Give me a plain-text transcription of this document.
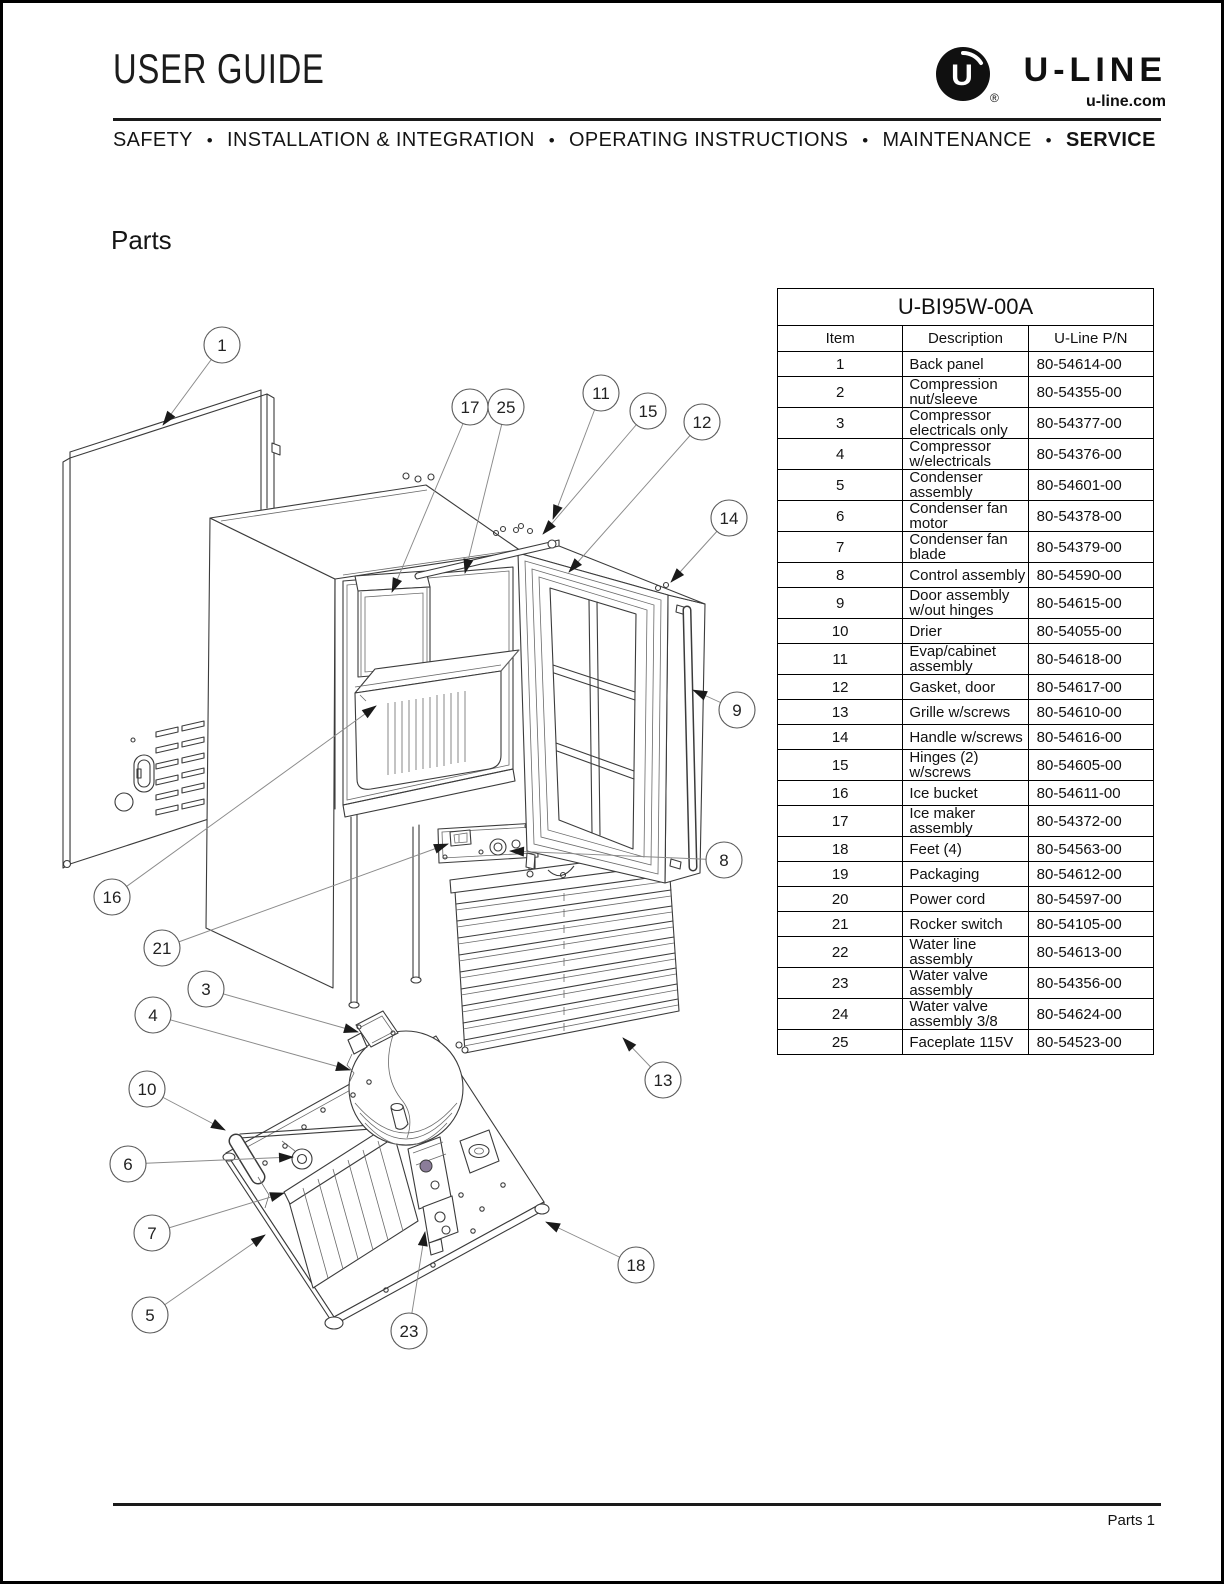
USER GUIDE	U
®
U-LINE
u-line.com
SAFETY • INSTALLATION & INTEGRATION • OPERATING INSTRUCTIONS • MAINTENANCE • SERVICE
Parts
U-BI95W-00A		
Item	Description	U-Line P/N
1	Back panel	80-54614-00
2	Compression nut/sleeve	80-54355-00
3	Compressor electricals only	80-54377-00
4	Compressor w/electricals	80-54376-00
5	Condenser assembly	80-54601-00
6	Condenser fan motor	80-54378-00
7	Condenser fan blade	80-54379-00
8	Control assembly	80-54590-00
9	Door assembly w/out hinges	80-54615-00
10	Drier	80-54055-00
11	Evap/cabinet assembly	80-54618-00
12	Gasket, door	80-54617-00
13	Grille w/screws	80-54610-00
14	Handle w/screws	80-54616-00
15	Hinges (2) w/screws	80-54605-00
16	Ice bucket	80-54611-00
17	Ice maker assembly	80-54372-00
18	Feet (4)	80-54563-00
19	Packaging	80-54612-00
20	Power cord	80-54597-00
21	Rocker switch	80-54105-00
22	Water line assembly	80-54613-00
23	Water valve assembly	80-54356-00
24	Water valve assembly 3/8	80-54624-00
25	Faceplate 115V	80-54523-00
1
17 25
11
15
12
14
9
8
16
21
3
4
10
6
7
5
23
18
13
Parts 1
